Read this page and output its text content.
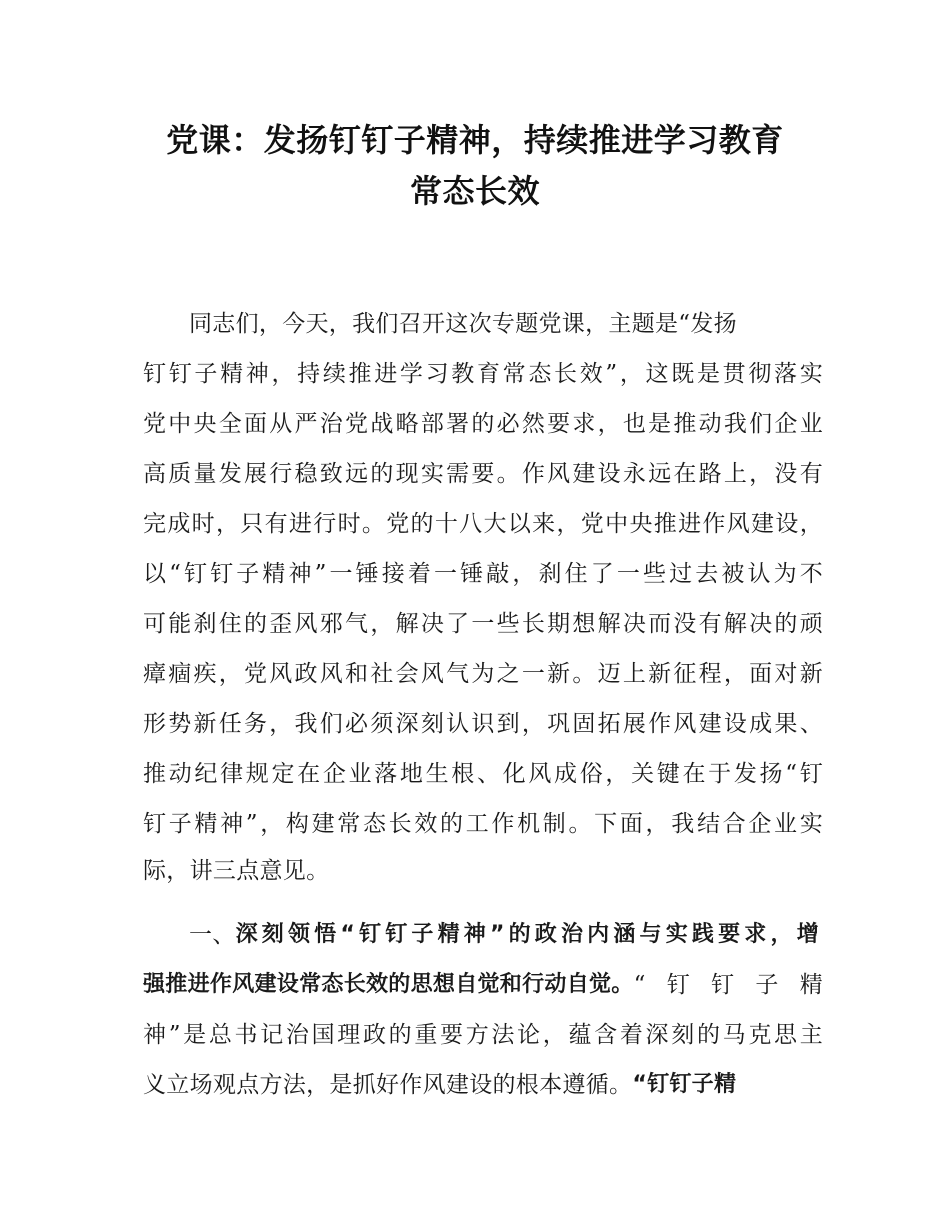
党课：发扬钉钉子精神，持续推进学习教育
常态长效
同志们，今天，我们召开这次专题党课，主题是“发扬
钉钉子精神，持续推进学习教育常态长效”，这既是贯彻落实
党中央全面从严治党战略部署的必然要求，也是推动我们企业
高质量发展行稳致远的现实需要。作风建设永远在路上，没有
完成时，只有进行时。党的十八大以来，党中央推进作风建设，
以“钉钉子精神”一锤接着一锤敲，刹住了一些过去被认为不
可能刹住的歪风邪气，解决了一些长期想解决而没有解决的顽
瘴痼疾，党风政风和社会风气为之一新。迈上新征程，面对新
形势新任务，我们必须深刻认识到，巩固拓展作风建设成果、
推动纪律规定在企业落地生根、化风成俗，关键在于发扬“钉
钉子精神”，构建常态长效的工作机制。下面，我结合企业实
际，讲三点意见。
一、 深刻领悟“钉钉子精神”的政治内涵与实践要求，增
强推进作风建设常态长效的思想自觉和行动自觉。 “钉钉子精
神”是总书记治国理政的重要方法论，蕴含着深刻的马克思主
义立场观点方法，是抓好作风建设的根本遵循。 “钉钉子精
